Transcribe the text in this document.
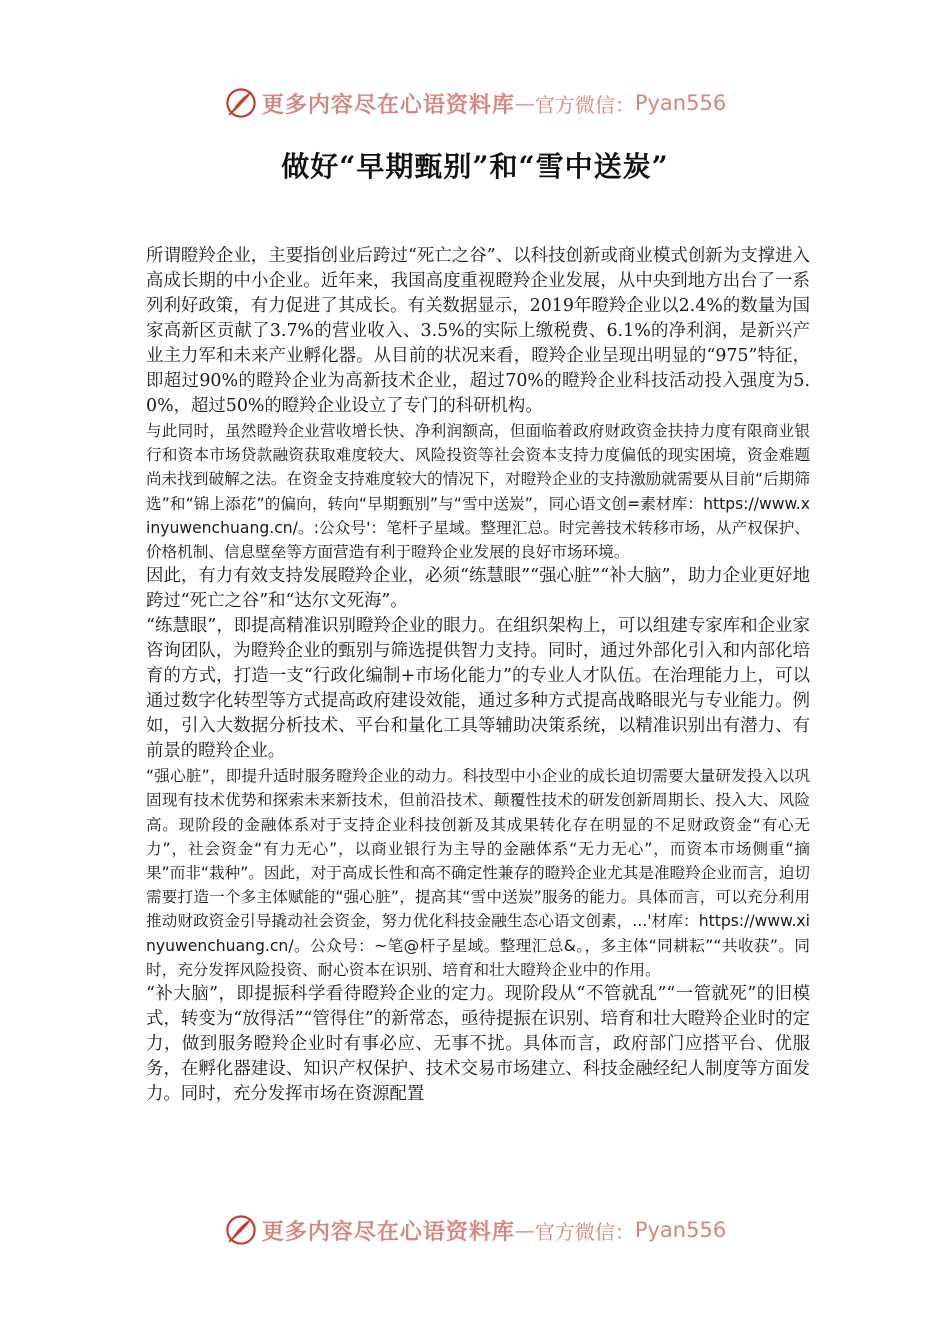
更多内容尽在心语资料库 — 官方微信： Pyan556
做好“早期甄别”和“雪中送炭”

所谓瞪羚企业，主要指创业后跨过“死亡之谷”、以科技创新或商业模式创新为支撑进入高成长期的中小企业。近年来，我国高度重视瞪羚企业发展，从中央到地方出台了一系列利好政策，有力促进了其成长。有关数据显示，2019年瞪羚企业以2.4%的数量为国家高新区贡献了3.7%的营业收入、3.5%的实际上缴税费、6.1%的净利润，是新兴产业主力军和未来产业孵化器。从目前的状况来看，瞪羚企业呈现出明显的“975”特征，即超过90%的瞪羚企业为高新技术企业，超过70%的瞪羚企业科技活动投入强度为5.0%，超过50%的瞪羚企业设立了专门的科研机构。

与此同时，虽然瞪羚企业营收增长快、净利润额高，但面临着政府财政资金扶持力度有限商业银行和资本市场贷款融资获取难度较大、风险投资等社会资本支持力度偏低的现实困境，资金难题尚未找到破解之法。在资金支持难度较大的情况下，对瞪羚企业的支持激励就需要从目前“后期筛选”和“锦上添花”的偏向，转向“早期甄别”与“雪中送炭”，同心语文创=素材库：https://www.xinyuwenchuang.cn/。:公众号'：笔杆子星域。整理汇总。时完善技术转移市场，从产权保护、价格机制、信息壁垒等方面营造有利于瞪羚企业发展的良好市场环境。

因此，有力有效支持发展瞪羚企业，必须“练慧眼”“强心脏”“补大脑”，助力企业更好地跨过“死亡之谷”和“达尔文死海”。

“练慧眼”，即提高精准识别瞪羚企业的眼力。在组织架构上，可以组建专家库和企业家咨询团队，为瞪羚企业的甄别与筛选提供智力支持。同时，通过外部化引入和内部化培育的方式，打造一支“行政化编制+市场化能力”的专业人才队伍。在治理能力上，可以通过数字化转型等方式提高政府建设效能，通过多种方式提高战略眼光与专业能力。例如，引入大数据分析技术、平台和量化工具等辅助决策系统，以精准识别出有潜力、有前景的瞪羚企业。

“强心脏”，即提升适时服务瞪羚企业的动力。科技型中小企业的成长迫切需要大量研发投入以巩固现有技术优势和探索未来新技术，但前沿技术、颠覆性技术的研发创新周期长、投入大、风险高。现阶段的金融体系对于支持企业科技创新及其成果转化存在明显的不足财政资金“有心无力”，社会资金“有力无心”，以商业银行为主导的金融体系“无力无心”，而资本市场侧重“摘果”而非“栽种”。因此，对于高成长性和高不确定性兼存的瞪羚企业尤其是准瞪羚企业而言，迫切需要打造一个多主体赋能的“强心脏”，提高其“雪中送炭”服务的能力。具体而言，可以充分利用推动财政资金引导撬动社会资金，努力优化科技金融生态心语文创素，...'材库：https://www.xinyuwenchuang.cn/。公众号：~笔@杆子星域。整理汇总&。，多主体“同耕耘”“共收获”。同时，充分发挥风险投资、耐心资本在识别、培育和壮大瞪羚企业中的作用。

“补大脑”，即提振科学看待瞪羚企业的定力。现阶段从“不管就乱”“一管就死”的旧模式，转变为“放得活”“管得住”的新常态，亟待提振在识别、培育和壮大瞪羚企业时的定力，做到服务瞪羚企业时有事必应、无事不扰。具体而言，政府部门应搭平台、优服务，在孵化器建设、知识产权保护、技术交易市场建立、科技金融经纪人制度等方面发力。同时，充分发挥市场在资源配置

更多内容尽在心语资料库 — 官方微信： Pyan556
